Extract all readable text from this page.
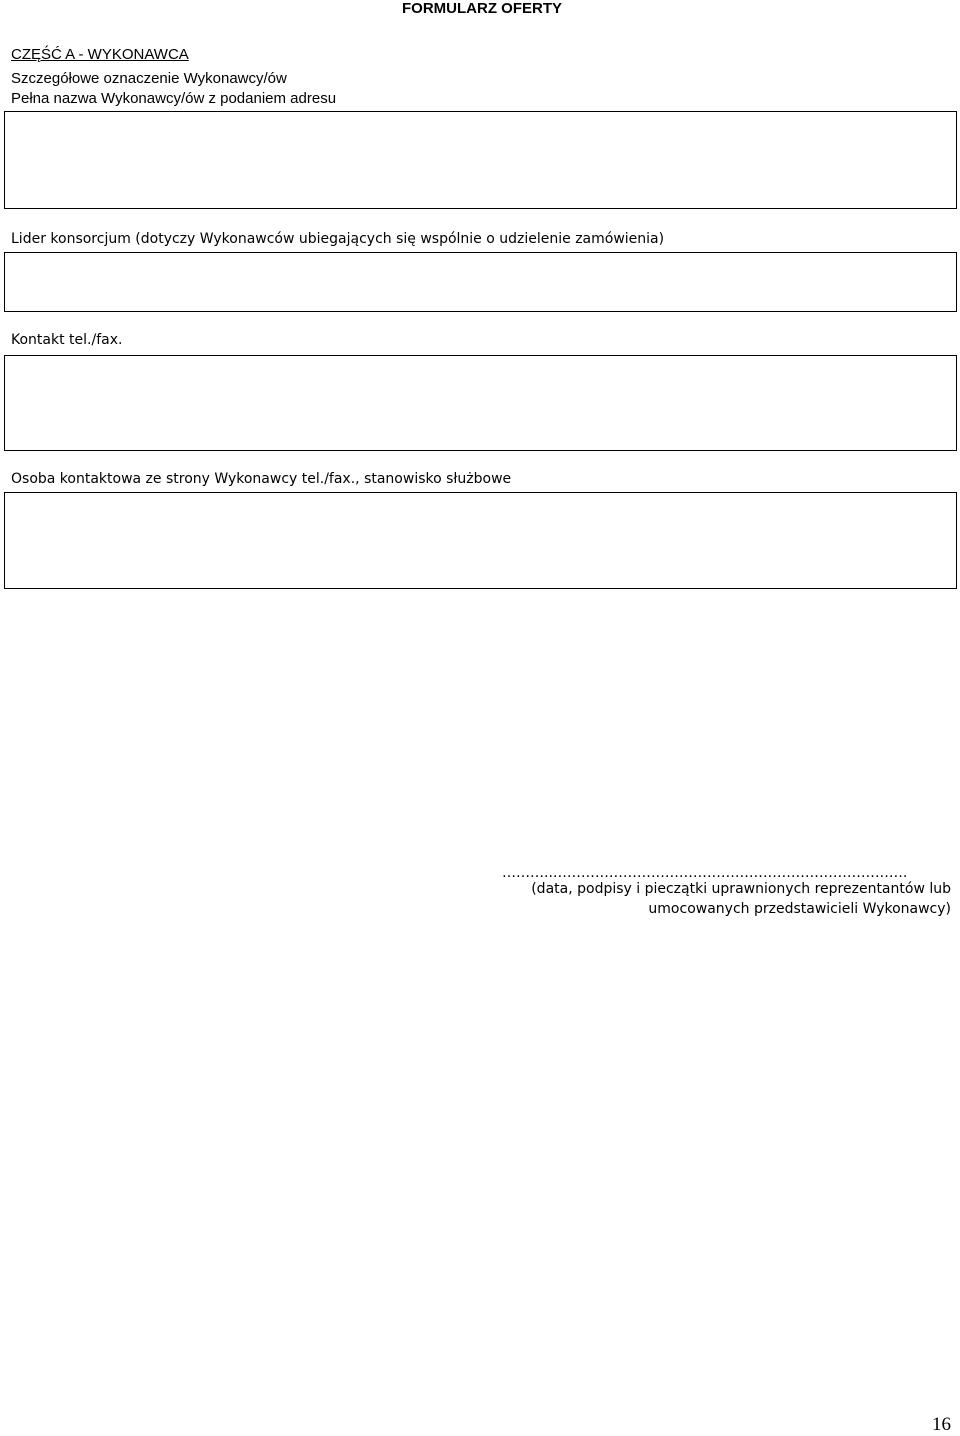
FORMULARZ OFERTY
CZĘŚĆ A - WYKONAWCA
Szczegółowe oznaczenie Wykonawcy/ów
Pełna nazwa Wykonawcy/ów z podaniem adresu
Lider konsorcjum (dotyczy Wykonawców ubiegających się wspólnie o udzielenie zamówienia)
Kontakt tel./fax.
Osoba kontaktowa ze strony Wykonawcy tel./fax., stanowisko służbowe
………..………………………………………………………………….
(data, podpisy i pieczątki uprawnionych reprezentantów lub umocowanych przedstawicieli Wykonawcy)
16
